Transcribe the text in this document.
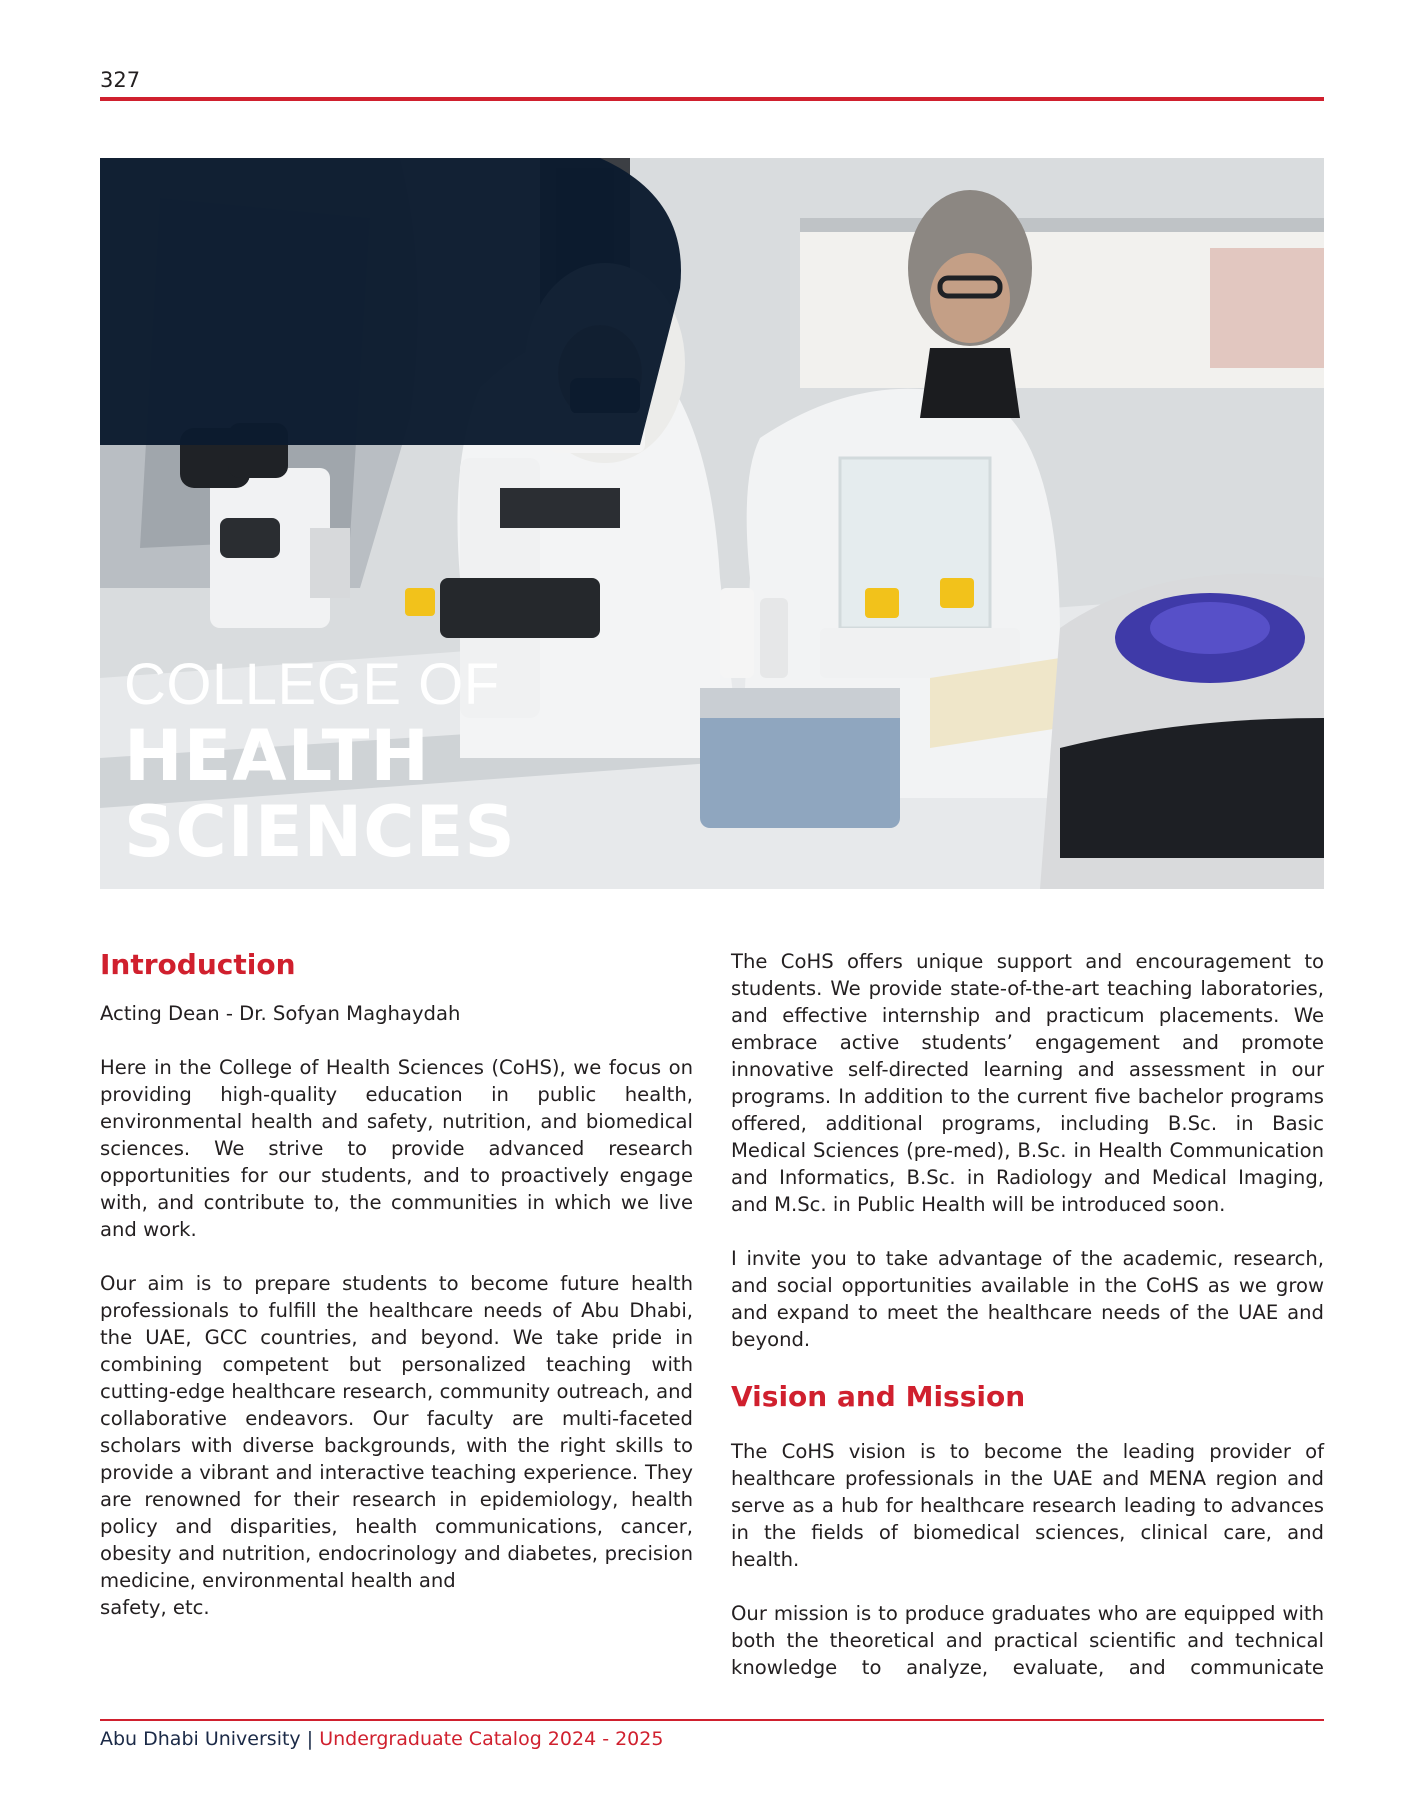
327
COLLEGE OF
HEALTH
SCIENCES
Introduction

Acting Dean - Dr. Sofyan Maghaydah

Here in the College of Health Sciences (CoHS), we focus on providing high-quality education in public health, environmental health and safety, nutrition, and biomedical sciences. We strive to provide advanced research opportunities for our students, and to proactively engage with, and contribute to, the communities in which we live and work.

Our aim is to prepare students to become future health professionals to fulfill the healthcare needs of Abu Dhabi, the UAE, GCC countries, and beyond. We take pride in combining competent but personalized teaching with cutting-edge healthcare research, community outreach, and collaborative endeavors. Our faculty are multi-faceted scholars with diverse backgrounds, with the right skills to provide a vibrant and interactive teaching experience. They are renowned for their research in epidemiology, health policy and disparities, health communications, cancer, obesity and nutrition, endocrinology and diabetes, precision medicine, environmental health and

safety, etc.

The CoHS offers unique support and encouragement to students. We provide state-of-the-art teaching laboratories, and effective internship and practicum placements. We embrace active students’ engagement and promote innovative self-directed learning and assessment in our programs. In addition to the current five bachelor programs offered, additional programs, including B.Sc. in Basic Medical Sciences (pre-med), B.Sc. in Health Communication and Informatics, B.Sc. in Radiology and Medical Imaging, and M.Sc. in Public Health will be introduced soon.

I invite you to take advantage of the academic, research, and social opportunities available in the CoHS as we grow and expand to meet the healthcare needs of the UAE and beyond.

Vision and Mission

The CoHS vision is to become the leading provider of healthcare professionals in the UAE and MENA region and serve as a hub for healthcare research leading to advances in the fields of biomedical sciences, clinical care, and health.

Our mission is to produce graduates who are equipped with both the theoretical and practical scientific and technical knowledge to analyze, evaluate, and communicate

Abu Dhabi University | Undergraduate Catalog 2024 - 2025
